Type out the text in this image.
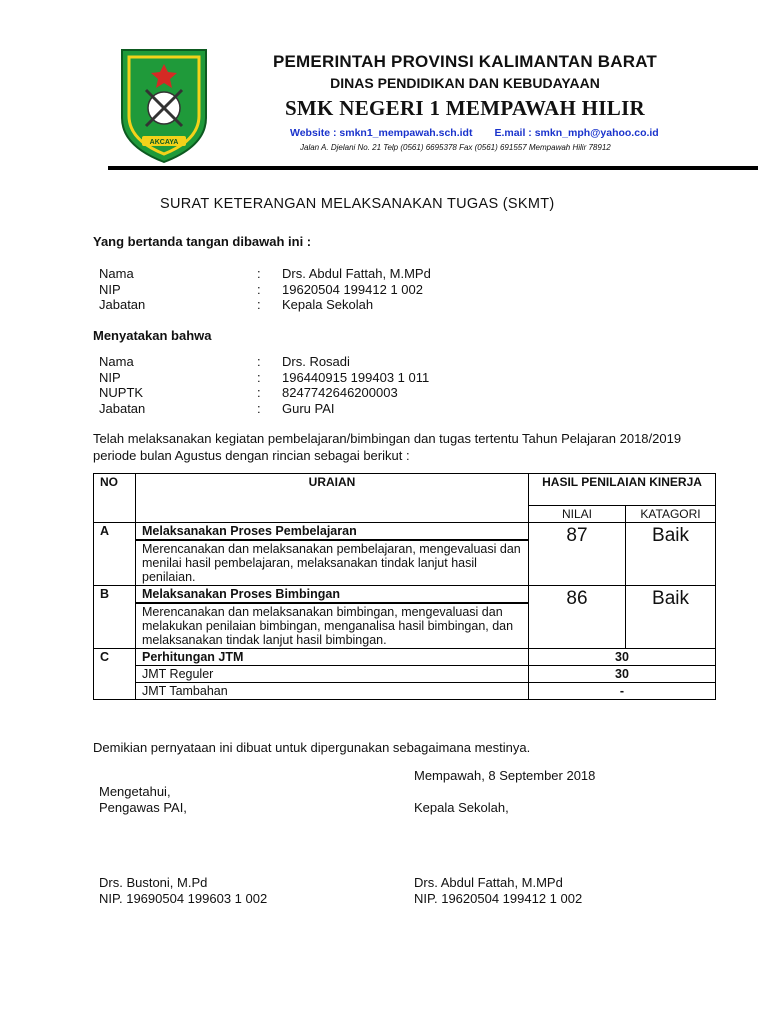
AKCAYA
PEMERINTAH PROVINSI KALIMANTAN BARAT
DINAS PENDIDIKAN DAN KEBUDAYAAN
SMK NEGERI 1 MEMPAWAH HILIR
Website : smkn1_mempawah.sch.idt E.mail : smkn_mph@yahoo.co.id
Jalan A. Djelani No. 21 Telp (0561) 6695378 Fax (0561) 691557 Mempawah Hilir 78912
SURAT KETERANGAN MELAKSANAKAN TUGAS (SKMT)
Yang bertanda tangan dibawah ini :
Nama	:	Drs. Abdul Fattah, M.MPd
NIP	:	19620504 199412 1 002
Jabatan	:	Kepala Sekolah
Menyatakan bahwa
Nama	:	Drs. Rosadi
NIP	:	196440915 199403 1 011
NUPTK	:	8247742646200003
Jabatan	:	Guru PAI
Telah melaksanakan kegiatan pembelajaran/bimbingan dan tugas tertentu Tahun Pelajaran 2018/2019 periode bulan Agustus dengan rincian sebagai berikut :
NO	URAIAN	HASIL PENILAIAN KINERJA	
		NILAI	KATAGORI
A	Melaksanakan Proses Pembelajaran	87	Baik
	Merencanakan dan melaksanakan pembelajaran, mengevaluasi dan menilai hasil pembelajaran, melaksanakan tindak lanjut hasil penilaian.		
B	Melaksanakan Proses Bimbingan	86	Baik
	Merencanakan dan melaksanakan bimbingan, mengevaluasi dan melakukan penilaian bimbingan, menganalisa hasil bimbingan, dan melaksanakan tindak lanjut hasil bimbingan.		
C	Perhitungan JTM	30	
	JMT Reguler	30	
	JMT Tambahan	-	
Demikian pernyataan ini dibuat untuk dipergunakan sebagaimana mestinya.
Mempawah, 8 September 2018
Mengetahui,
Pengawas PAI,	Kepala Sekolah,
Drs. Bustoni, M.Pd
NIP. 19690504 199603 1 002
Drs. Abdul Fattah, M.MPd
NIP. 19620504 199412 1 002
